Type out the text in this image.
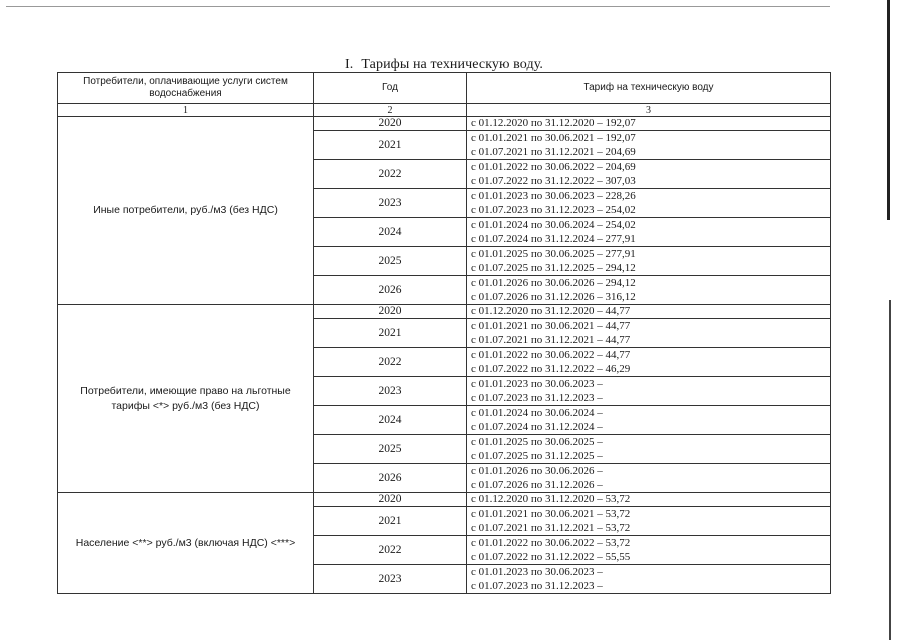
I. Тарифы на техническую воду.
Потребители, оплачивающие услуги систем водоснабжения	Год	Тариф на техническую воду
1	2	3
Иные потребители, руб./м3 (без НДС)	2020	с 01.12.2020 по 31.12.2020 – 192,07

	2021	с 01.01.2021 по 30.06.2021 – 192,07
с 01.07.2021 по 31.12.2021 – 204,69

	2022	с 01.01.2022 по 30.06.2022 – 204,69
с 01.07.2022 по 31.12.2022 – 307,03

	2023	с 01.01.2023 по 30.06.2023 – 228,26
с 01.07.2023 по 31.12.2023 – 254,02

	2024	с 01.01.2024 по 30.06.2024 – 254,02
с 01.07.2024 по 31.12.2024 – 277,91

	2025	с 01.01.2025 по 30.06.2025 – 277,91
с 01.07.2025 по 31.12.2025 – 294,12

	2026	с 01.01.2026 по 30.06.2026 – 294,12
с 01.07.2026 по 31.12.2026 – 316,12

Потребители, имеющие право на льготные тарифы <*> руб./м3 (без НДС)	2020	с 01.12.2020 по 31.12.2020 – 44,77

	2021	с 01.01.2021 по 30.06.2021 – 44,77
с 01.07.2021 по 31.12.2021 – 44,77

	2022	с 01.01.2022 по 30.06.2022 – 44,77
с 01.07.2022 по 31.12.2022 – 46,29

	2023	с 01.01.2023 по 30.06.2023 –
с 01.07.2023 по 31.12.2023 –

	2024	с 01.01.2024 по 30.06.2024 –
с 01.07.2024 по 31.12.2024 –

	2025	с 01.01.2025 по 30.06.2025 –
с 01.07.2025 по 31.12.2025 –

	2026	с 01.01.2026 по 30.06.2026 –
с 01.07.2026 по 31.12.2026 –

Население <**> руб./м3 (включая НДС) <***>	2020	с 01.12.2020 по 31.12.2020 – 53,72

	2021	с 01.01.2021 по 30.06.2021 – 53,72
с 01.07.2021 по 31.12.2021 – 53,72

	2022	с 01.01.2022 по 30.06.2022 – 53,72
с 01.07.2022 по 31.12.2022 – 55,55

	2023	с 01.01.2023 по 30.06.2023 –
с 01.07.2023 по 31.12.2023 –
